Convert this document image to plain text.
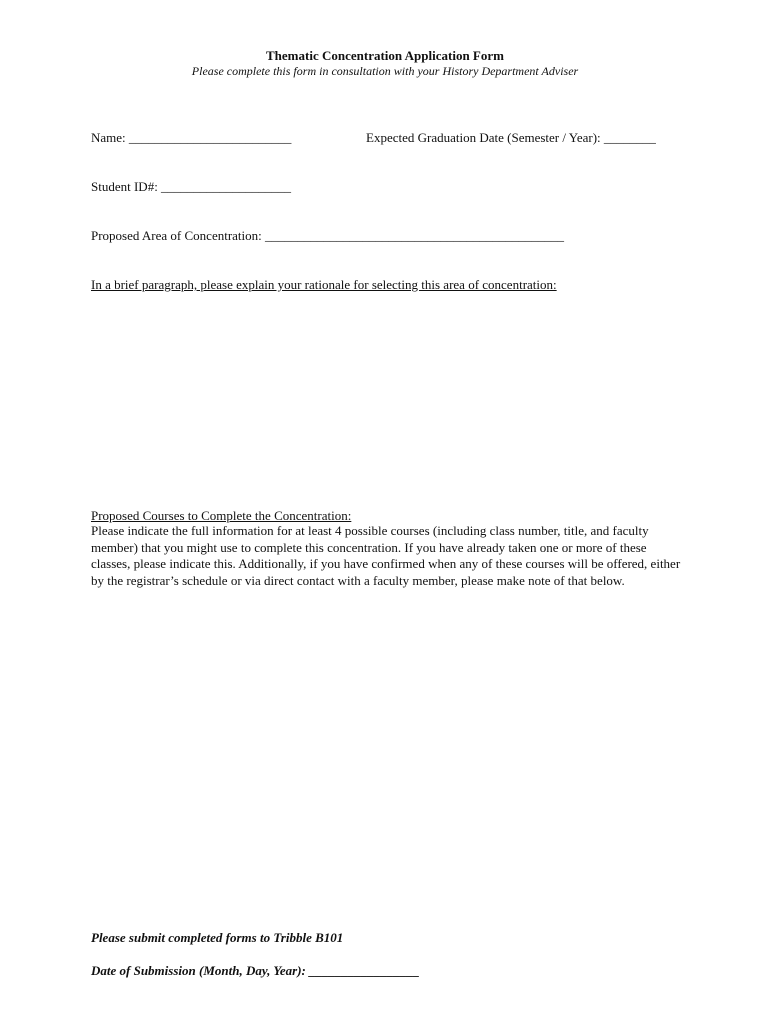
Thematic Concentration Application Form
Please complete this form in consultation with your History Department Adviser
Name: _________________________	Expected Graduation Date (Semester / Year): ________
Student ID#: ____________________
Proposed Area of Concentration: ______________________________________________
In a brief paragraph, please explain your rationale for selecting this area of concentration:
Proposed Courses to Complete the Concentration:
Please indicate the full information for at least 4 possible courses (including class number, title, and faculty member) that you might use to complete this concentration. If you have already taken one or more of these classes, please indicate this. Additionally, if you have confirmed when any of these courses will be offered, either by the registrar’s schedule or via direct contact with a faculty member, please make note of that below.
Please submit completed forms to Tribble B101
Date of Submission (Month, Day, Year): _________________
